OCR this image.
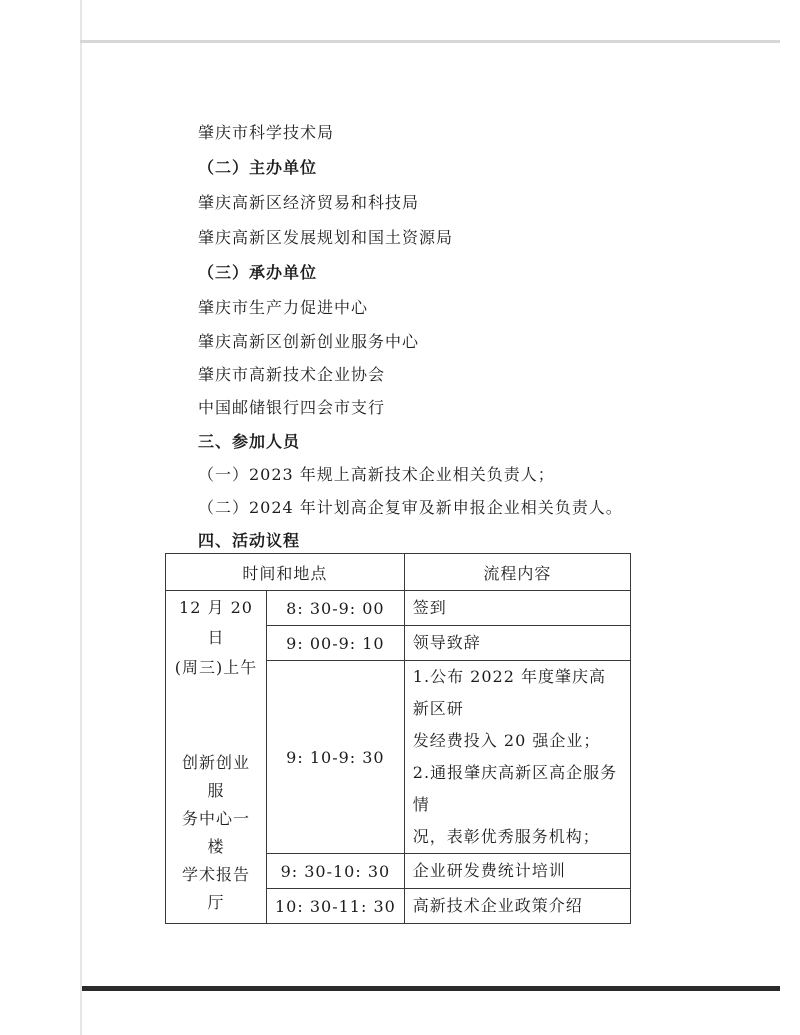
肇庆市科学技术局
（二）主办单位
肇庆高新区经济贸易和科技局
肇庆高新区发展规划和国土资源局
（三）承办单位
肇庆市生产力促进中心
肇庆高新区创新创业服务中心
肇庆市高新技术企业协会
中国邮储银行四会市支行
三、参加人员
（一）2023 年规上高新技术企业相关负责人；
（二）2024 年计划高企复审及新申报企业相关负责人。
四、活动议程
时间和地点		流程内容

12 月 20 日
(周三)上午
创新创业服
务中心一楼
学术报告厅	8: 30-9: 00	签到
	9: 00-9: 10	领导致辞
	9: 10-9: 30	1.公布 2022 年度肇庆高新区研
发经费投入 20 强企业；
2.通报肇庆高新区高企服务情
况，表彰优秀服务机构；
	9: 30-10: 30	企业研发费统计培训
	10: 30-11: 30	高新技术企业政策介绍
